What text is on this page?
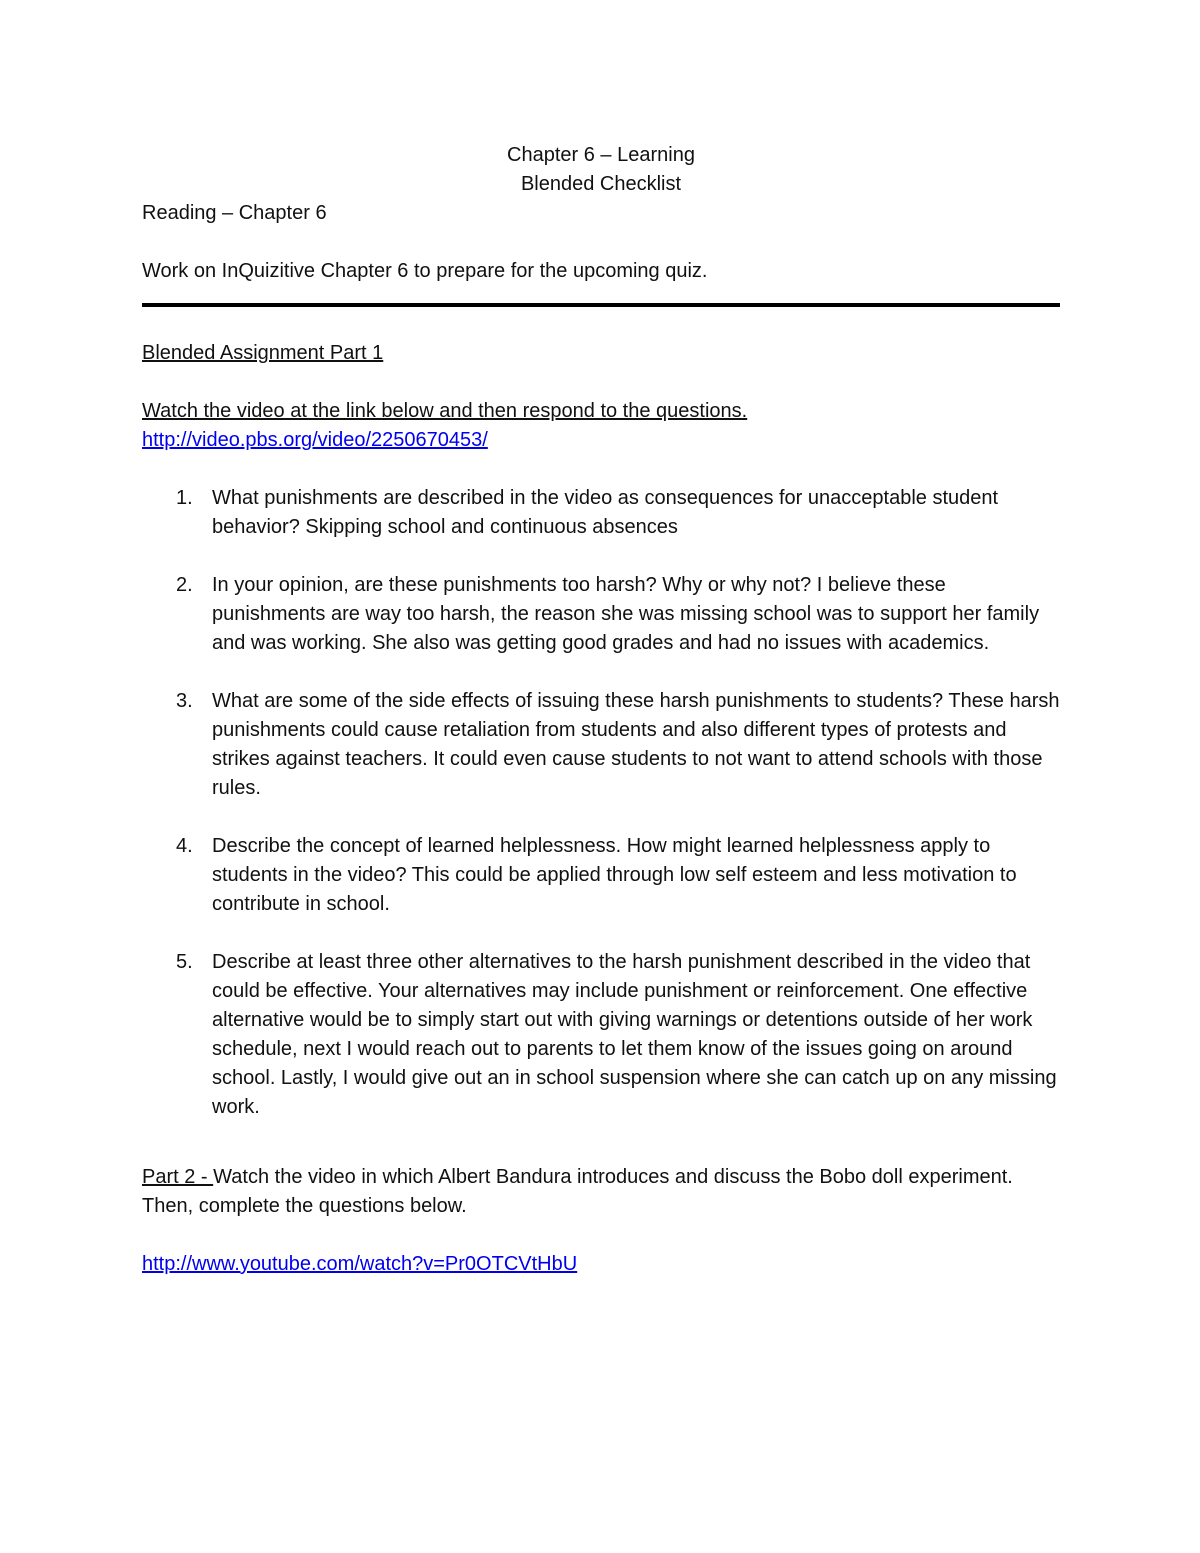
Chapter 6 – Learning
Blended Checklist

Reading – Chapter 6

Work on InQuizitive Chapter 6 to prepare for the upcoming quiz.

Blended Assignment Part 1

Watch the video at the link below and then respond to the questions.

http://video.pbs.org/video/2250670453/

1. What punishments are described in the video as consequences for unacceptable student behavior? Skipping school and continuous absences
2. In your opinion, are these punishments too harsh? Why or why not? I believe these punishments are way too harsh, the reason she was missing school was to support her family and was working. She also was getting good grades and had no issues with academics.
3. What are some of the side effects of issuing these harsh punishments to students? These harsh punishments could cause retaliation from students and also different types of protests and strikes against teachers. It could even cause students to not want to attend schools with those rules.
4. Describe the concept of learned helplessness. How might learned helplessness apply to students in the video? This could be applied through low self esteem and less motivation to contribute in school.
5. Describe at least three other alternatives to the harsh punishment described in the video that could be effective. Your alternatives may include punishment or reinforcement. One effective alternative would be to simply start out with giving warnings or detentions outside of her work schedule, next I would reach out to parents to let them know of the issues going on around school. Lastly, I would give out an in school suspension where she can catch up on any missing work.

Part 2 - Watch the video in which Albert Bandura introduces and discuss the Bobo doll experiment. Then, complete the questions below.

http://www.youtube.com/watch?v=Pr0OTCVtHbU
